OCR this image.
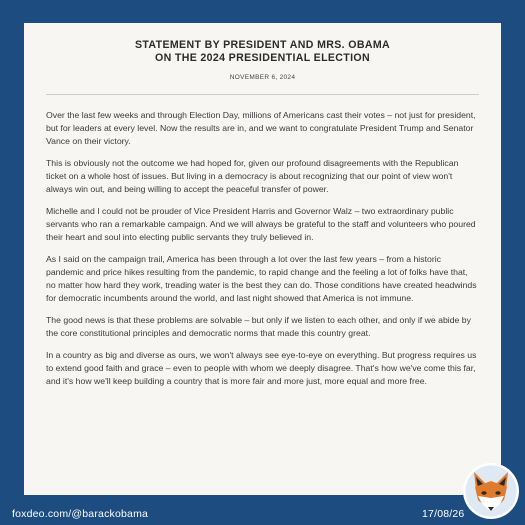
STATEMENT BY PRESIDENT AND MRS. OBAMA
ON THE 2024 PRESIDENTIAL ELECTION
NOVEMBER 6, 2024

Over the last few weeks and through Election Day, millions of Americans cast their votes – not just for president, but for leaders at every level. Now the results are in, and we want to congratulate President Trump and Senator Vance on their victory.

This is obviously not the outcome we had hoped for, given our profound disagreements with the Republican ticket on a whole host of issues. But living in a democracy is about recognizing that our point of view won't always win out, and being willing to accept the peaceful transfer of power.

Michelle and I could not be prouder of Vice President Harris and Governor Walz – two extraordinary public servants who ran a remarkable campaign. And we will always be grateful to the staff and volunteers who poured their heart and soul into electing public servants they truly believed in.

As I said on the campaign trail, America has been through a lot over the last few years – from a historic pandemic and price hikes resulting from the pandemic, to rapid change and the feeling a lot of folks have that, no matter how hard they work, treading water is the best they can do. Those conditions have created headwinds for democratic incumbents around the world, and last night showed that America is not immune.

The good news is that these problems are solvable – but only if we listen to each other, and only if we abide by the core constitutional principles and democratic norms that made this country great.

In a country as big and diverse as ours, we won't always see eye-to-eye on everything. But progress requires us to extend good faith and grace – even to people with whom we deeply disagree. That's how we've come this far, and it's how we'll keep building a country that is more fair and more just, more equal and more free.

foxdeo.com/@barackobama	17/08/26
